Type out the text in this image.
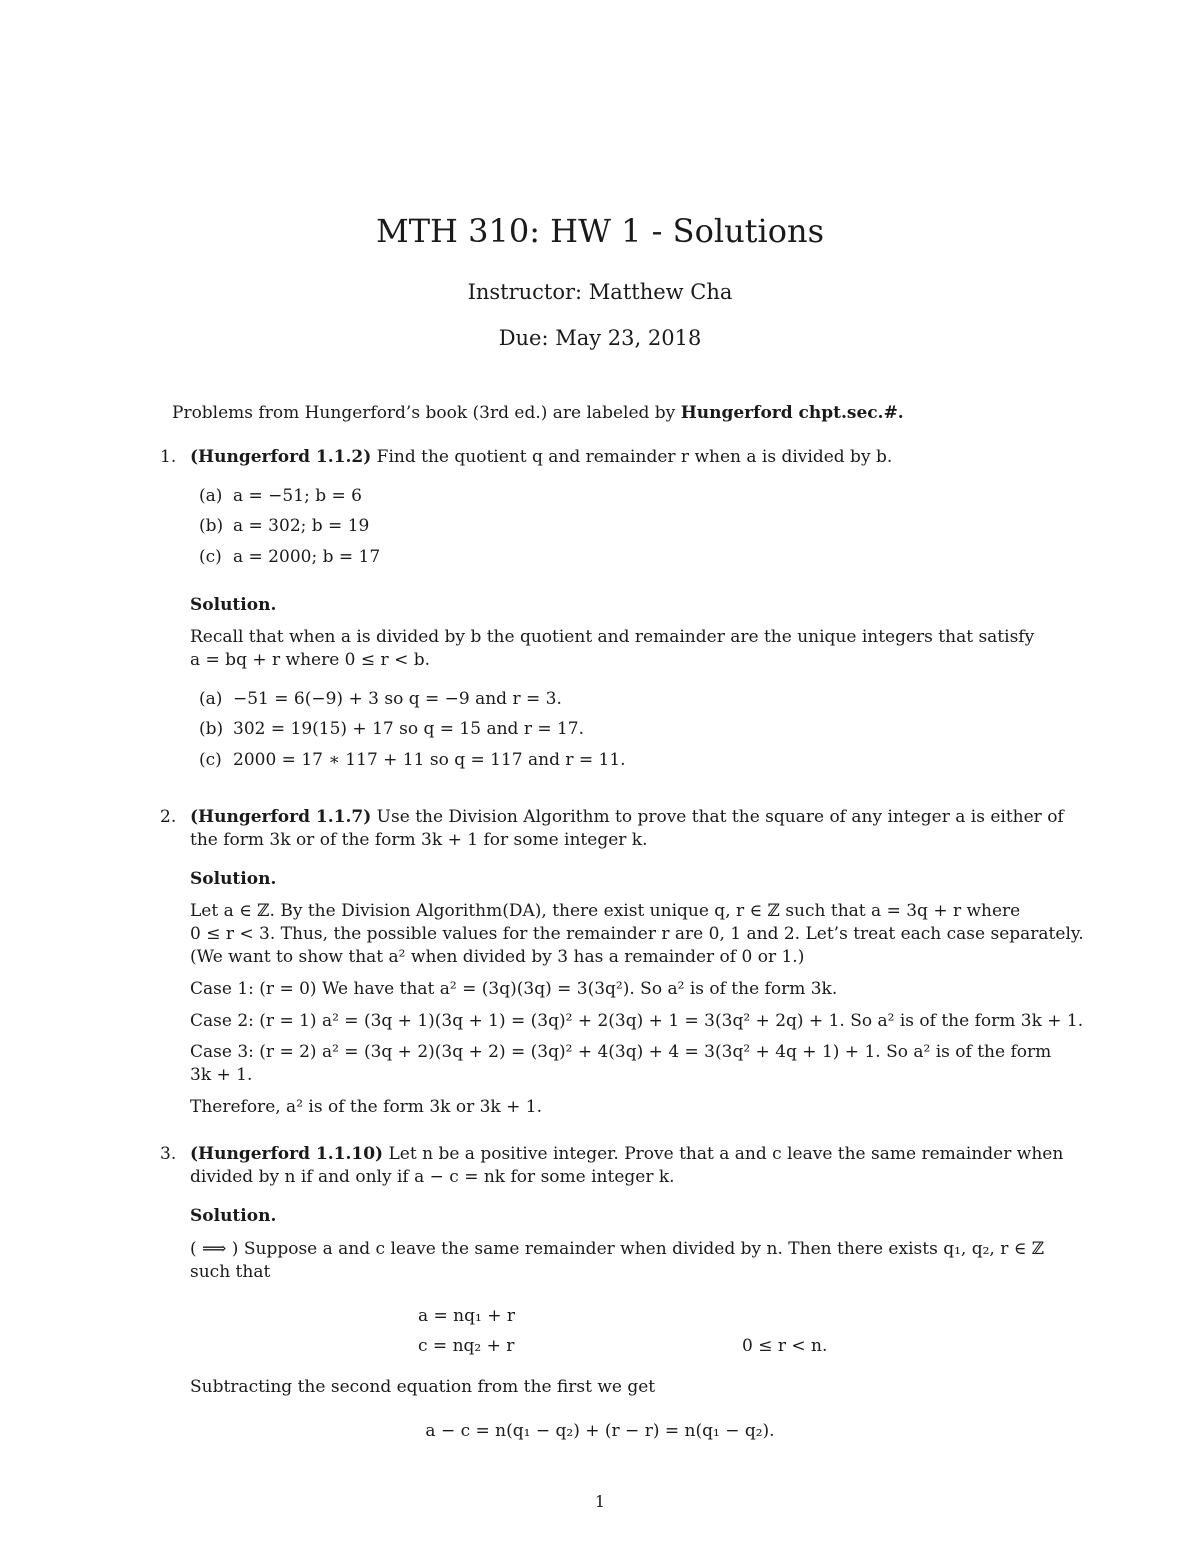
MTH 310: HW 1 - Solutions
Instructor: Matthew Cha
Due: May 23, 2018
Problems from Hungerford’s book (3rd ed.) are labeled by Hungerford chpt.sec.#.
1. (Hungerford 1.1.2) Find the quotient q and remainder r when a is divided by b.
(a) a = −51; b = 6
(b) a = 302; b = 19
(c) a = 2000; b = 17
Solution.
Recall that when a is divided by b the quotient and remainder are the unique integers that satisfy
a = bq + r where 0 ≤ r < b.
(a) −51 = 6(−9) + 3 so q = −9 and r = 3.
(b) 302 = 19(15) + 17 so q = 15 and r = 17.
(c) 2000 = 17 ∗ 117 + 11 so q = 117 and r = 11.
2. (Hungerford 1.1.7) Use the Division Algorithm to prove that the square of any integer a is either of
the form 3k or of the form 3k + 1 for some integer k.
Solution.
Let a ∈ ℤ. By the Division Algorithm(DA), there exist unique q, r ∈ ℤ such that a = 3q + r where
0 ≤ r < 3. Thus, the possible values for the remainder r are 0, 1 and 2. Let’s treat each case separately.
(We want to show that a² when divided by 3 has a remainder of 0 or 1.)
Case 1: (r = 0) We have that a² = (3q)(3q) = 3(3q²). So a² is of the form 3k.
Case 2: (r = 1) a² = (3q + 1)(3q + 1) = (3q)² + 2(3q) + 1 = 3(3q² + 2q) + 1. So a² is of the form 3k + 1.
Case 3: (r = 2) a² = (3q + 2)(3q + 2) = (3q)² + 4(3q) + 4 = 3(3q² + 4q + 1) + 1. So a² is of the form
3k + 1.
Therefore, a² is of the form 3k or 3k + 1.
3. (Hungerford 1.1.10) Let n be a positive integer. Prove that a and c leave the same remainder when
divided by n if and only if a − c = nk for some integer k.
Solution.
( ⟹ ) Suppose a and c leave the same remainder when divided by n. Then there exists q₁, q₂, r ∈ ℤ
such that
a = nq₁ + r
c = nq₂ + r	0 ≤ r < n.
Subtracting the second equation from the first we get
a − c = n(q₁ − q₂) + (r − r) = n(q₁ − q₂).
1
